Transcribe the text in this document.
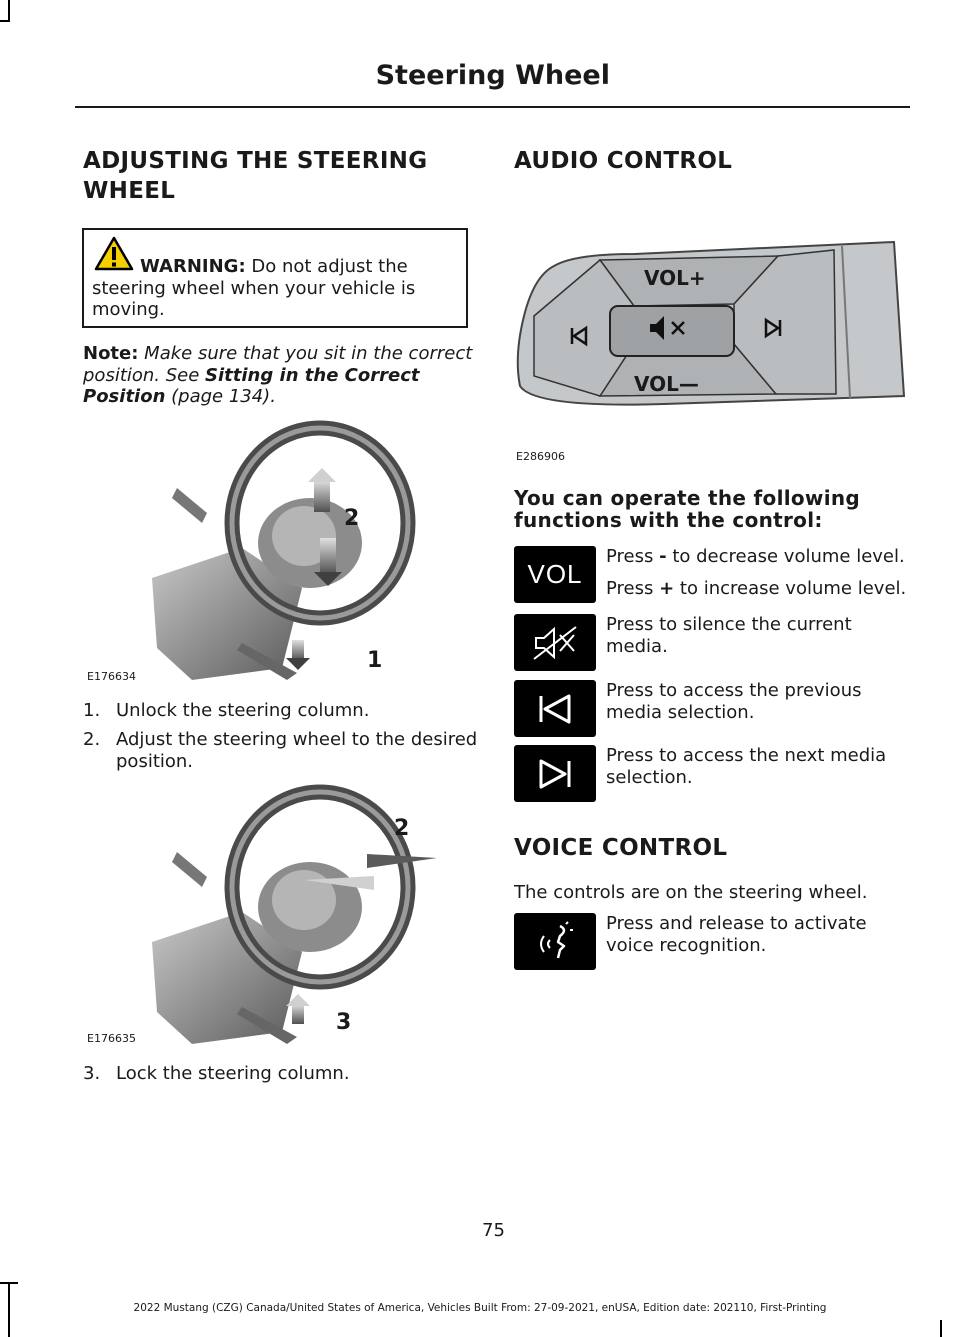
Steering Wheel
ADJUSTING THE STEERING
WHEEL
WARNING: Do not adjust the steering wheel when your vehicle is moving.

Note: Make sure that you sit in the correct position. See Sitting in the Correct Position (page 134).

E176634
2
1
1. Unlock the steering column.
2. Adjust the steering wheel to the desired position.
E176635
2
3
3. Lock the steering column.
AUDIO CONTROL
VOL+
VOL—
E286906
You can operate the following functions with the control:
VOL
Press - to decrease volume level.
Press + to increase volume level.
Press to silence the current media.
Press to access the previous media selection.
Press to access the next media selection.
VOICE CONTROL

The controls are on the steering wheel.

Press and release to activate voice recognition.
75
2022 Mustang (CZG) Canada/United States of America, Vehicles Built From: 27-09-2021, enUSA, Edition date: 202110, First-Printing
